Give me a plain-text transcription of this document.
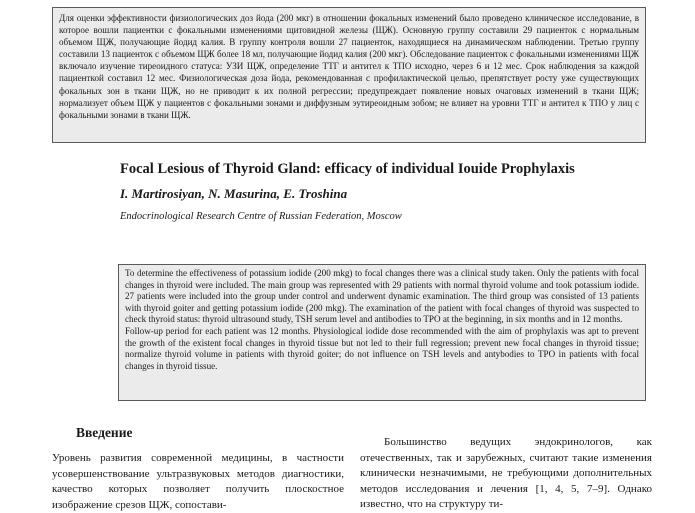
Для оценки эффективности физиологических доз йода (200 мкг) в отношении фокальных изменений было проведено клиническое исследование, в которое вошли пациентки с фокальными изменениями щитовидной железы (ЩЖ). Основную группу составили 29 пациенток с нормальным объемом ЩЖ, получающие йодид калия. В группу контроля вошли 27 пациенток, находящиеся на динамическом наблюдении. Третью группу составили 13 пациенток с объемом ЩЖ более 18 мл, получающие йодид калия (200 мкг). Обследование пациенток с фокальными изменениями ЩЖ включало изучение тиреоидного статуса: УЗИ ЩЖ, определение ТТГ и антител к ТПО исходно, через 6 и 12 мес. Срок наблюдения за каждой пациенткой составил 12 мес. Физиологическая доза йода, рекомендованная с профилактической целью, препятствует росту уже существующих фокальных зон в ткани ЩЖ, но не приводит к их полной регрессии; предупреждает появление новых очаговых изменений в ткани ЩЖ; нормализует объем ЩЖ у пациентов с фокальными зонами и диффузным эутиреоидным зобом; не влияет на уровни ТТГ и антител к ТПО у лиц с фокальными зонами в ткани ЩЖ.

Focal Lesious of Thyroid Gland: efficacy of individual Iouide Prophylaxis

I. Martirosiyan, N. Masurina, E. Troshina

Endocrinological Research Centre of Russian Federation, Moscow

To determine the effectiveness of potassium iodide (200 mkg) to focal changes there was a clinical study taken. Only the patients with focal changes in thyroid were included. The main group was represented with 29 patients with normal thyroid volume and took potassium iodide. 27 patients were included into the group under control and underwent dynamic examination. The third group was consisted of 13 patients with thyroid goiter and getting potassium iodide (200 mkg). The examination of the patient with focal changes of thyroid was suspected to check thyroid status: thyroid ultrasound study, TSH serum level and antibodies to TPO at the beginning, in six months and in 12 months.

Follow-up period for each patient was 12 months. Physiological iodide dose recommended with the aim of prophylaxis was apt to prevent the growth of the existent focal changes in thyroid tissue but not led to their full regression; prevent new focal changes in thyroid tissue; normalize thyroid volume in patients with thyroid goiter; do not influence on TSH levels and antybodies to TPO in patients with focal changes in thyroid tissue.

Введение

Уровень развития современной медицины, в частности усовершенствование ультразвуковых методов диагностики, качество которых позволяет получить плоскостное изображение срезов ЩЖ, сопостави-

Большинство ведущих эндокринологов, как отечественных, так и зарубежных, считают такие изменения клинически незначимыми, не требующими дополнительных методов исследования и лечения [1, 4, 5, 7–9]. Однако известно, что на структуру ти-
